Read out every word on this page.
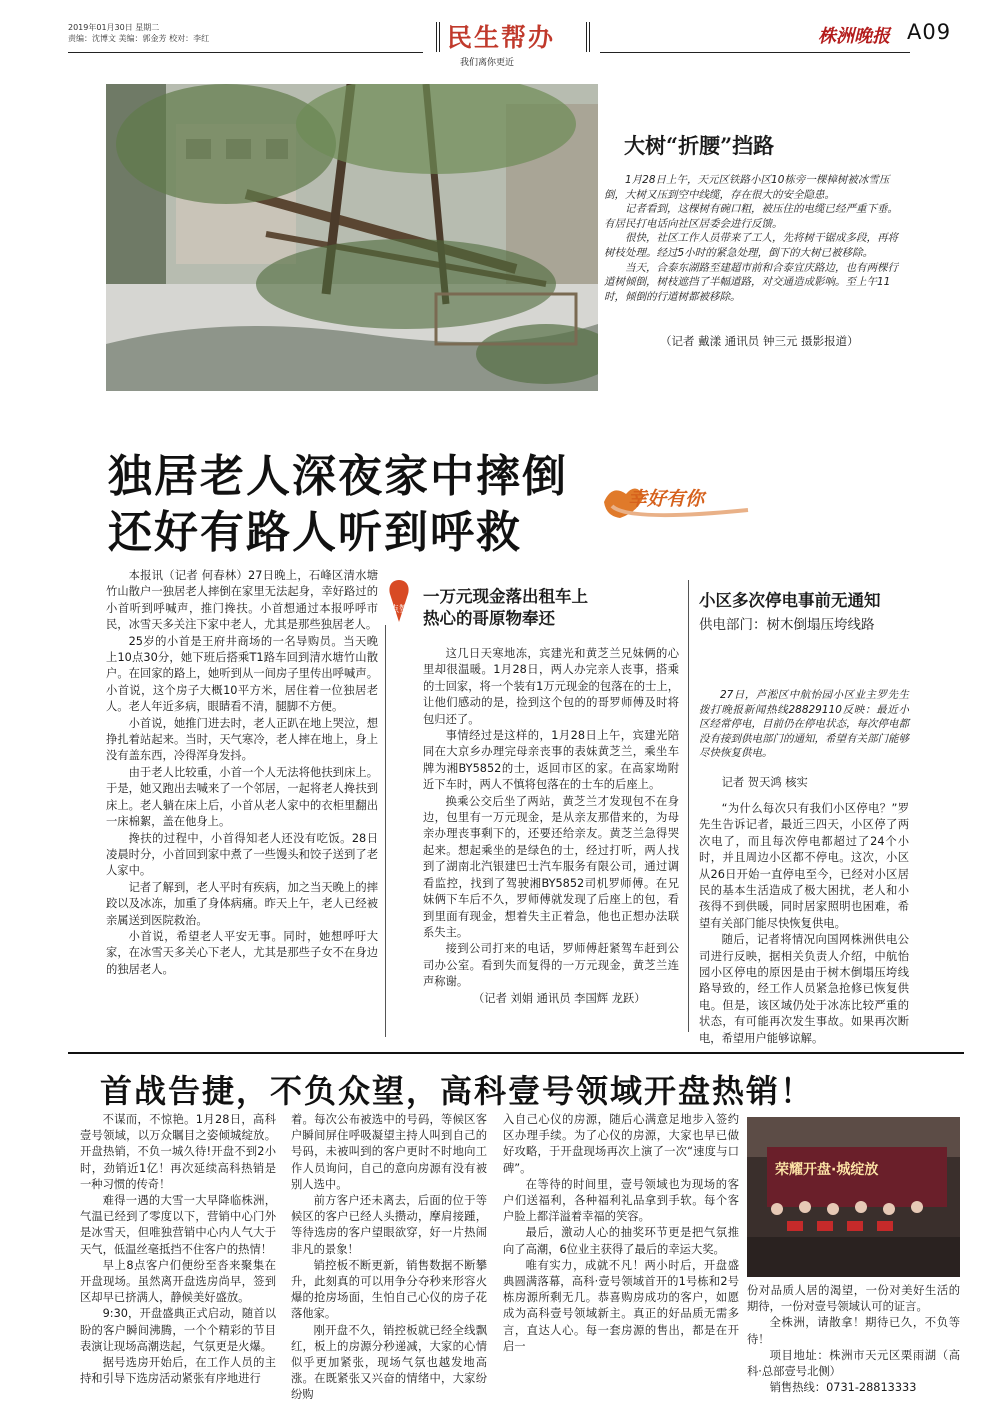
2019年01月30日 星期二
责编：沈博文 美编：郭金芳 校对：李红	民生帮办
我们离你更近
株洲晚报 A09
大树“折腰”挡路

1月28日上午，天元区铁路小区10栋旁一棵樟树被冰雪压倒，大树又压到空中线缆，存在很大的安全隐患。

记者看到，这棵树有碗口粗，被压住的电缆已经严重下垂。有居民打电话向社区居委会进行反馈。

很快，社区工作人员带来了工人，先将树干锯成多段，再将树枝处理。经过5小时的紧急处理，倒下的大树已被移除。

当天，合泰东湖路至建超市前和合泰宜庆路边，也有两棵行道树倾倒，树枝遮挡了半幅道路，对交通造成影响。至上午11时，倾倒的行道树都被移除。

（记者 戴漾 通讯员 钟三元 摄影报道）
独居老人深夜家中摔倒
还好有路人听到呼救
幸好有你

本报讯（记者 何春林）27日晚上，石峰区清水塘竹山散户一独居老人摔倒在家里无法起身，幸好路过的小首听到呼喊声，推门搀扶。小首想通过本报呼呼市民，冰雪天多关注下家中老人，尤其是那些独居老人。

25岁的小首是王府井商场的一名导购员。当天晚上10点30分，她下班后搭乘T1路车回到清水塘竹山散户。在回家的路上，她听到从一间房子里传出呼喊声。小首说，这个房子大概10平方米，居住着一位独居老人。老人年近多病，眼睛看不清，腿脚不方便。

小首说，她推门进去时，老人正趴在地上哭泣，想挣扎着站起来。当时，天气寒冷，老人摔在地上，身上没有盖东西，冷得浑身发抖。

由于老人比较重，小首一个人无法将他扶到床上。于是，她又跑出去喊来了一个邻居，一起将老人搀扶到床上。老人躺在床上后，小首从老人家中的衣柜里翻出一床棉絮，盖在他身上。

搀扶的过程中，小首得知老人还没有吃饭。28日凌晨时分，小首回到家中煮了一些馒头和饺子送到了老人家中。

记者了解到，老人平时有疾病，加之当天晚上的摔跤以及冰冻，加重了身体病痛。昨天上午，老人已经被亲属送到医院救治。

小首说，希望老人平安无事。同时，她想呼吁大家，在冰雪天多关心下老人，尤其是那些子女不在身边的独居老人。

点赞
一万元现金落出租车上
热心的哥原物奉还

这几日天寒地冻，宾建光和黄芝兰兄妹俩的心里却很温暖。1月28日，两人办完亲人丧事，搭乘的士回家，将一个装有1万元现金的包落在的士上，让他们感动的是，捡到这个包的的哥罗师傅及时将包归还了。

事情经过是这样的，1月28日上午，宾建光陪同在大京乡办理完母亲丧事的表妹黄芝兰，乘坐车牌为湘BY5852的士，返回市区的家。在高家坳附近下车时，两人不慎将包落在的士车的后座上。

换乘公交后坐了两站，黄芝兰才发现包不在身边，包里有一万元现金，是从亲友那借来的，为母亲办理丧事剩下的，还要还给亲友。黄芝兰急得哭起来。想起乘坐的是绿色的士，经过打听，两人找到了湖南北汽银建巴士汽车服务有限公司，通过调看监控，找到了驾驶湘BY5852司机罗师傅。在兄妹俩下车后不久，罗师傅就发现了后座上的包，看到里面有现金，想着失主正着急，他也正想办法联系失主。

接到公司打来的电话，罗师傅赶紧驾车赶到公司办公室。看到失而复得的一万元现金，黄芝兰连声称谢。

（记者 刘娟 通讯员 李国辉 龙跃）

小区多次停电事前无通知
供电部门：树木倒塌压垮线路

27日，芦淞区中航怡园小区业主罗先生拨打晚报新闻热线28829110反映：最近小区经常停电，目前仍在停电状态，每次停电都没有接到供电部门的通知，希望有关部门能够尽快恢复供电。

记者 贺天鸿 核实

“为什么每次只有我们小区停电？”罗先生告诉记者，最近三四天，小区停了两次电了，而且每次停电都超过了24个小时，并且周边小区都不停电。这次，小区从26日开始一直停电至今，已经对小区居民的基本生活造成了极大困扰，老人和小孩得不到供暖，同时居家照明也困难，希望有关部门能尽快恢复供电。

随后，记者将情况向国网株洲供电公司进行反映，据相关负责人介绍，中航怡园小区停电的原因是由于树木倒塌压垮线路导致的，经工作人员紧急抢修已恢复供电。但是，该区域仍处于冰冻比较严重的状态，有可能再次发生事故。如果再次断电，希望用户能够谅解。

首战告捷，不负众望，高科壹号领域开盘热销！

不谋而，不惊艳。1月28日，高科壹号领域，以万众瞩目之姿倾城绽放。开盘热销，不负一城久待!开盘不到2小时，劲销近1亿！再次延续高科热销是一种习惯的传奇！

难得一遇的大雪一大早降临株洲，气温已经到了零度以下，营销中心门外是冰雪天，但唯独营销中心内人气大于天气，低温丝毫抵挡不住客户的热情！

早上8点客户们便纷至沓来聚集在开盘现场。虽然离开盘选房尚早，签到区却早已挤满人，静候美好盛放。

9:30，开盘盛典正式启动，随首以盼的客户瞬间沸腾，一个个精彩的节目表演让现场高潮迭起，气氛更是火爆。

据号选房开始后，在工作人员的主持和引导下选房活动紧张有序地进行

着。每次公布被选中的号码，等候区客户瞬间屏住呼吸凝望主持人叫到自己的号码，未被叫到的客户更时不时地向工作人员询问，自己的意向房源有没有被别人选中。

前方客户还未离去，后面的位于等候区的客户已经人头攒动，摩肩接踵，等待选房的客户望眼欲穿，好一片热闹非凡的景象！

销控板不断更新，销售数据不断攀升，此刻真的可以用争分夺秒来形容火爆的抢房场面，生怕自己心仪的房子花落他家。

刚开盘不久，销控板就已经全线飘红，板上的房源分秒递减，大家的心情似乎更加紧张，现场气氛也越发地高涨。在既紧张又兴奋的情绪中，大家纷纷购

入自己心仪的房源，随后心满意足地步入签约区办理手续。为了心仪的房源，大家也早已做好攻略，于开盘现场再次上演了一次“速度与口碑”。

在等待的时间里，壹号领域也为现场的客户们送福利，各种福利礼品拿到手软。每个客户脸上都洋溢着幸福的笑容。

最后，激动人心的抽奖环节更是把气氛推向了高潮，6位业主获得了最后的幸运大奖。

唯有实力，成就不凡！两小时后，开盘盛典圆满落幕，高科·壹号领域首开的1号栋和2号栋房源所剩无几。恭喜购房成功的客户，如愿成为高科壹号领域新主。真正的好品质无需多言，直达人心。每一套房源的售出，都是在开启一

荣耀开盘·城绽放

份对品质人居的渴望，一份对美好生活的期待，一份对壹号领域认可的证言。

全株洲，请散拿！期待已久，不负等待！

项目地址：株洲市天元区栗雨湖（高科·总部壹号北侧）

销售热线：0731-28813333
